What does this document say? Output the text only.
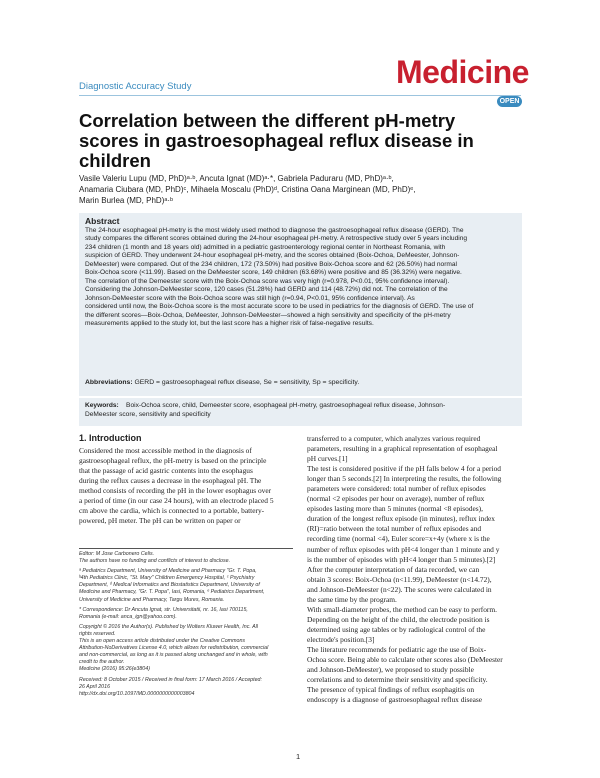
Diagnostic Accuracy Study	Medicine
OPEN
Correlation between the different pH-metry
scores in gastroesophageal reflux disease in
children
Vasile Valeriu Lupu (MD, PhD)ᵃ·ᵇ, Ancuta Ignat (MD)ᵃ·*, Gabriela Paduraru (MD, PhD)ᵃ·ᵇ,
Anamaria Ciubara (MD, PhD)ᶜ, Mihaela Moscalu (PhD)ᵈ, Cristina Oana Marginean (MD, PhD)ᵉ,
Marin Burlea (MD, PhD)ᵃ·ᵇ
Abstract
The 24-hour esophageal pH-metry is the most widely used method to diagnose the gastroesophageal reflux disease (GERD). The
study compares the different scores obtained during the 24-hour esophageal pH-metry. A retrospective study over 5 years including
234 children (1 month and 18 years old) admitted in a pediatric gastroenterology regional center in Northeast Romania, with
suspicion of GERD. They underwent 24-hour esophageal pH-metry, and the scores obtained (Boix-Ochoa, DeMeester, Johnson-
DeMeester) were compared. Out of the 234 children, 172 (73.50%) had positive Boix-Ochoa score and 62 (26.50%) had normal
Boix-Ochoa score (<11.99). Based on the DeMeester score, 149 children (63.68%) were positive and 85 (36.32%) were negative.
The correlation of the Demeester score with the Boix-Ochoa score was very high (r=0.978, P<0.01, 95% confidence interval).
Considering the Johnson-DeMeester score, 120 cases (51.28%) had GERD and 114 (48.72%) did not. The correlation of the
Johnson-DeMeester score with the Boix-Ochoa score was still high (r=0.94, P<0.01, 95% confidence interval). As
considered until now, the Boix-Ochoa score is the most accurate score to be used in pediatrics for the diagnosis of GERD. The use of
the different scores—Boix-Ochoa, DeMeester, Johnson-DeMeester—showed a high sensitivity and specificity of the pH-metry
measurements applied to the study lot, but the last score has a higher risk of false-negative results.
Abbreviations: GERD = gastroesophageal reflux disease, Se = sensitivity, Sp = specificity.
Keywords: Boix-Ochoa score, child, Demeester score, esophageal pH-metry, gastroesophageal reflux disease, Johnson-
DeMeester score, sensitivity and specificity
1. Introduction
Considered the most accessible method in the diagnosis of
gastroesophageal reflux, the pH-metry is based on the principle
that the passage of acid gastric contents into the esophagus
during the reflux causes a decrease in the esophageal pH. The
method consists of recording the pH in the lower esophagus over
a period of time (in our case 24 hours), with an electrode placed 5
cm above the cardia, which is connected to a portable, battery-
powered, pH meter. The pH can be written on paper or
Editor: M Jose Carbonero Celis.
The authors have no funding and conflicts of interest to disclose.
ᵃ Pediatrics Department, University of Medicine and Pharmacy "Gr. T. Popa,
ᵇ4th Pediatrics Clinic, "St. Mary" Children Emergency Hospital, ᶜ Psychiatry
Department, ᵈ Medical Informatics and Biostatistics Department, University of
Medicine and Pharmacy, "Gr. T. Popa", Iasi, Romania, ᵉ Pediatrics Department,
University of Medicine and Pharmacy, Targu Mures, Romania.
* Correspondence: Dr Ancuta Ignat, str. Universitatii, nr. 16, Iasi 700115,
Romania (e-mail: anca_ign@yahoo.com).
Copyright © 2016 the Author(s). Published by Wolters Kluwer Health, Inc. All
rights reserved.
This is an open access article distributed under the Creative Commons
Attribution-NoDerivatives License 4.0, which allows for redistribution, commercial
and non-commercial, as long as it is passed along unchanged and in whole, with
credit to the author.
Medicine (2016) 95:26(e3804)
Received: 8 October 2015 / Received in final form: 17 March 2016 / Accepted:
26 April 2016
http://dx.doi.org/10.1097/MD.0000000000003804
transferred to a computer, which analyzes various required
parameters, resulting in a graphical representation of esophageal
pH curves.[1]
The test is considered positive if the pH falls below 4 for a period
longer than 5 seconds.[2] In interpreting the results, the following
parameters were considered: total number of reflux episodes
(normal <2 episodes per hour on average), number of reflux
episodes lasting more than 5 minutes (normal <8 episodes),
duration of the longest reflux episode (in minutes), reflux index
(RI)=ratio between the total number of reflux episodes and
recording time (normal <4), Euler score=x+4y (where x is the
number of reflux episodes with pH<4 longer than 1 minute and y
is the number of episodes with pH<4 longer than 5 minutes).[2]
After the computer interpretation of data recorded, we can
obtain 3 scores: Boix-Ochoa (n<11.99), DeMeester (n<14.72),
and Johnson-DeMeester (n<22). The scores were calculated in
the same time by the program.
With small-diameter probes, the method can be easy to perform.
Depending on the height of the child, the electrode position is
determined using age tables or by radiological control of the
electrode's position.[3]
The literature recommends for pediatric age the use of Boix-
Ochoa score. Being able to calculate other scores also (DeMeester
and Johnson-DeMeester), we proposed to study possible
correlations and to determine their sensitivity and specificity.
The presence of typical findings of reflux esophagitis on
endoscopy is a diagnose of gastroesophageal reflux disease
1
